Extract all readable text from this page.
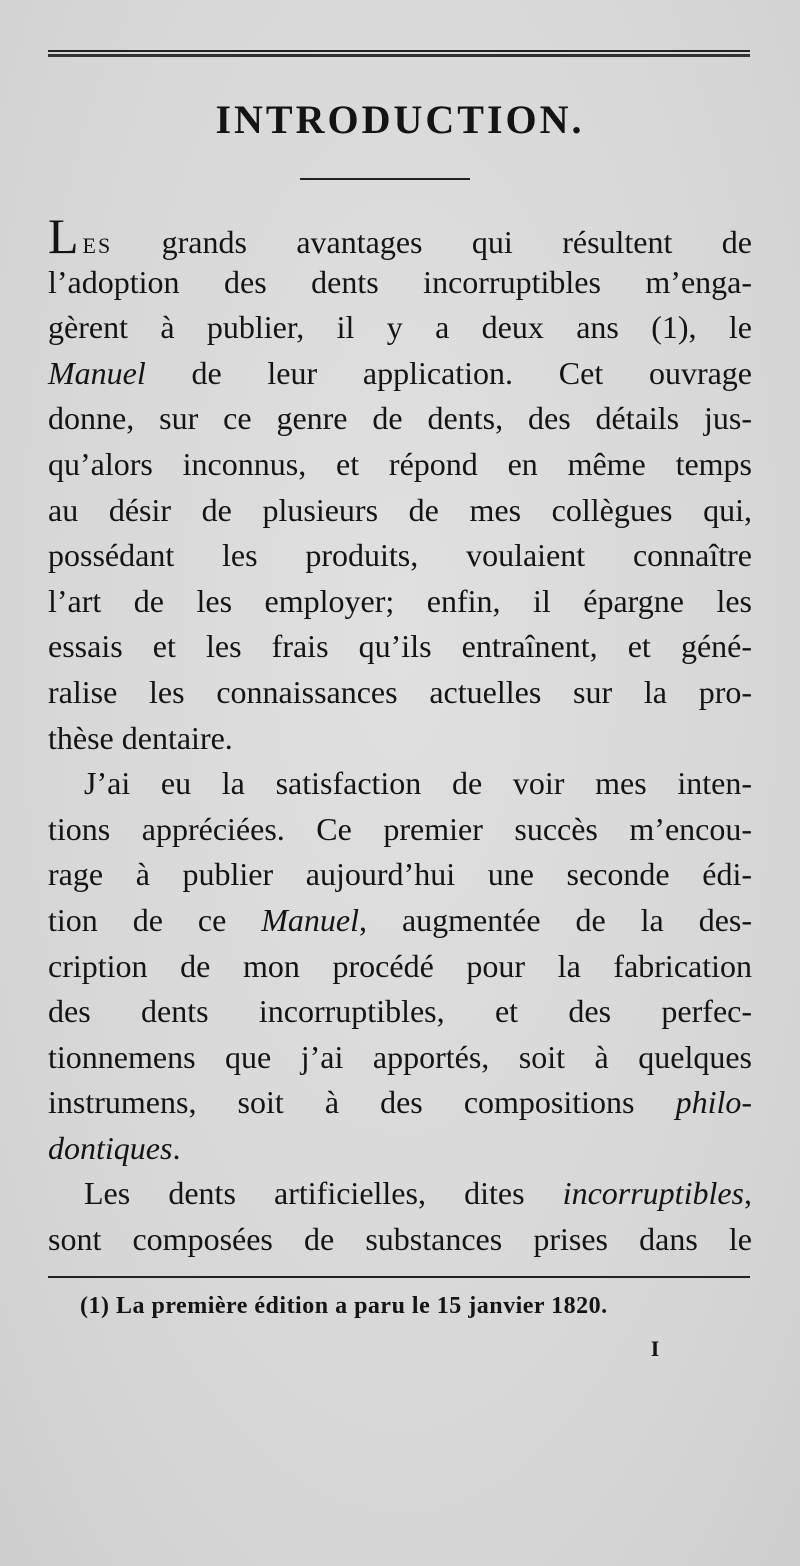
INTRODUCTION.
LES grands avantages qui résultent de
l’adoption des dents incorruptibles m’enga-
gèrent à publier, il y a deux ans (1), le
Manuel de leur application. Cet ouvrage
donne, sur ce genre de dents, des détails jus-
qu’alors inconnus, et répond en même temps
au désir de plusieurs de mes collègues qui,
possédant les produits, voulaient connaître
l’art de les employer; enfin, il épargne les
essais et les frais qu’ils entraînent, et géné-
ralise les connaissances actuelles sur la pro-
thèse dentaire.
J’ai eu la satisfaction de voir mes inten-
tions appréciées. Ce premier succès m’encou-
rage à publier aujourd’hui une seconde édi-
tion de ce Manuel, augmentée de la des-
cription de mon procédé pour la fabrication
des dents incorruptibles, et des perfec-
tionnemens que j’ai apportés, soit à quelques
instrumens, soit à des compositions philo-
dontiques.
Les dents artificielles, dites incorruptibles,
sont composées de substances prises dans le
(1) La première édition a paru le 15 janvier 1820.
I
